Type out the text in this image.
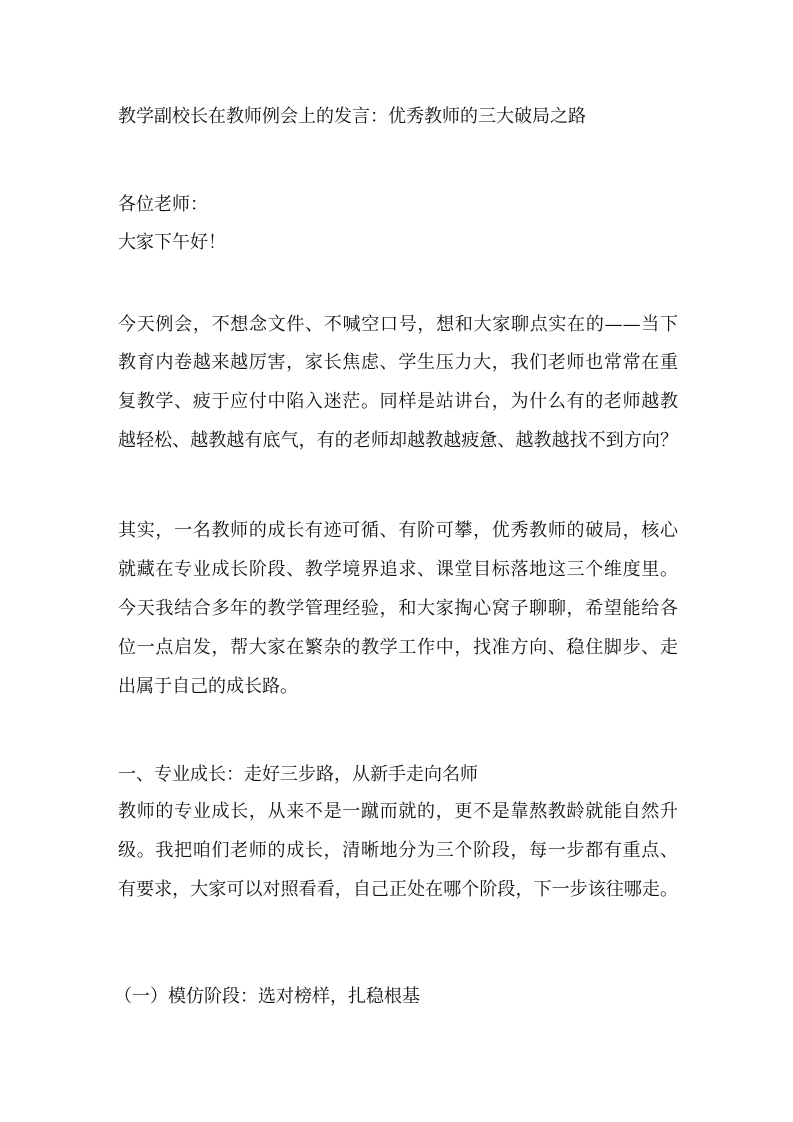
教学副校长在教师例会上的发言：优秀教师的三大破局之路
各位老师：
大家下午好！
今天例会，不想念文件、不喊空口号，想和大家聊点实在的——当下
教育内卷越来越厉害，家长焦虑、学生压力大，我们老师也常常在重
复教学、疲于应付中陷入迷茫。同样是站讲台，为什么有的老师越教
越轻松、越教越有底气，有的老师却越教越疲惫、越教越找不到方向？
其实，一名教师的成长有迹可循、有阶可攀，优秀教师的破局，核心
就藏在专业成长阶段、教学境界追求、课堂目标落地这三个维度里。
今天我结合多年的教学管理经验，和大家掏心窝子聊聊，希望能给各
位一点启发，帮大家在繁杂的教学工作中，找准方向、稳住脚步、走
出属于自己的成长路。
一、专业成长：走好三步路，从新手走向名师
教师的专业成长，从来不是一蹴而就的，更不是靠熬教龄就能自然升
级。我把咱们老师的成长，清晰地分为三个阶段，每一步都有重点、
有要求，大家可以对照看看，自己正处在哪个阶段，下一步该往哪走。
（一）模仿阶段：选对榜样，扎稳根基
